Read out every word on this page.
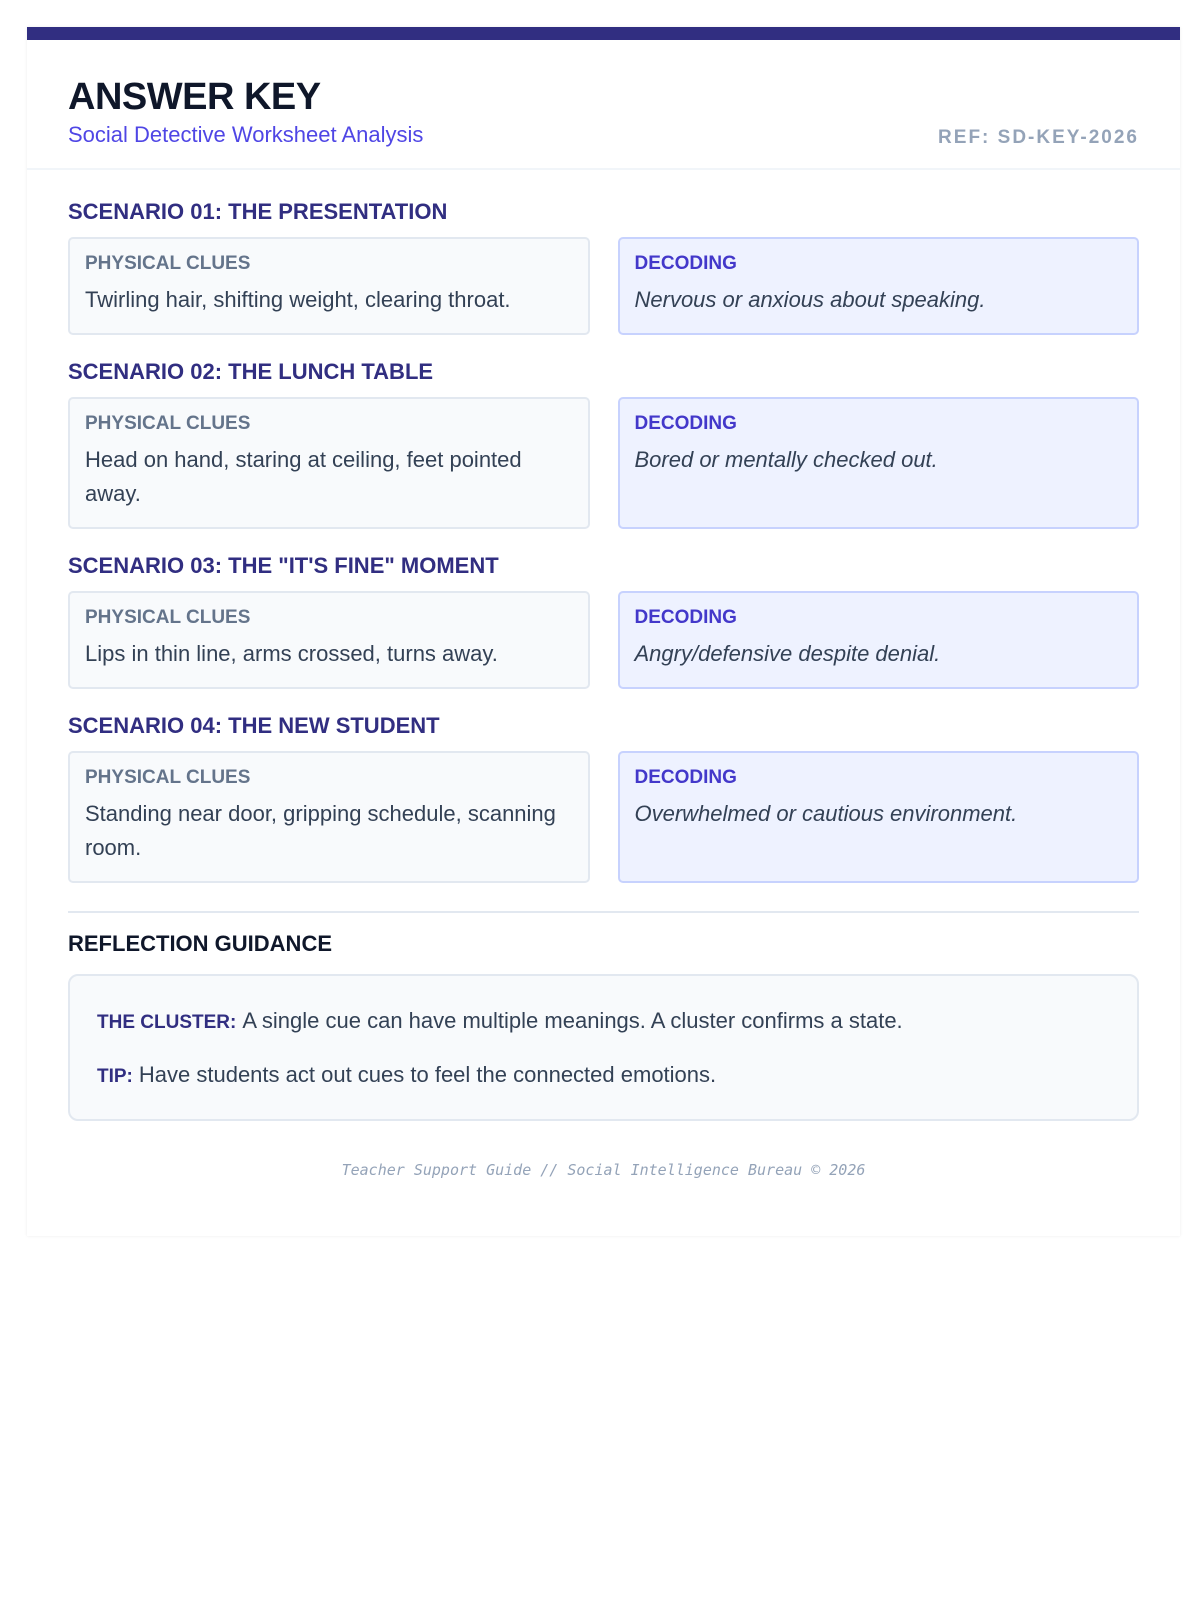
ANSWER KEY
Social Detective Worksheet Analysis	REF: SD-KEY-2026
SCENARIO 01: THE PRESENTATION
PHYSICAL CLUES
Twirling hair, shifting weight, clearing throat.
DECODING
Nervous or anxious about speaking.
SCENARIO 02: THE LUNCH TABLE
PHYSICAL CLUES
Head on hand, staring at ceiling, feet pointed away.
DECODING
Bored or mentally checked out.
SCENARIO 03: THE "IT'S FINE" MOMENT
PHYSICAL CLUES
Lips in thin line, arms crossed, turns away.
DECODING
Angry/defensive despite denial.
SCENARIO 04: THE NEW STUDENT
PHYSICAL CLUES
Standing near door, gripping schedule, scanning room.
DECODING
Overwhelmed or cautious environment.
REFLECTION GUIDANCE
THE CLUSTER: A single cue can have multiple meanings. A cluster confirms a state.
TIP: Have students act out cues to feel the connected emotions.
Teacher Support Guide // Social Intelligence Bureau © 2026
